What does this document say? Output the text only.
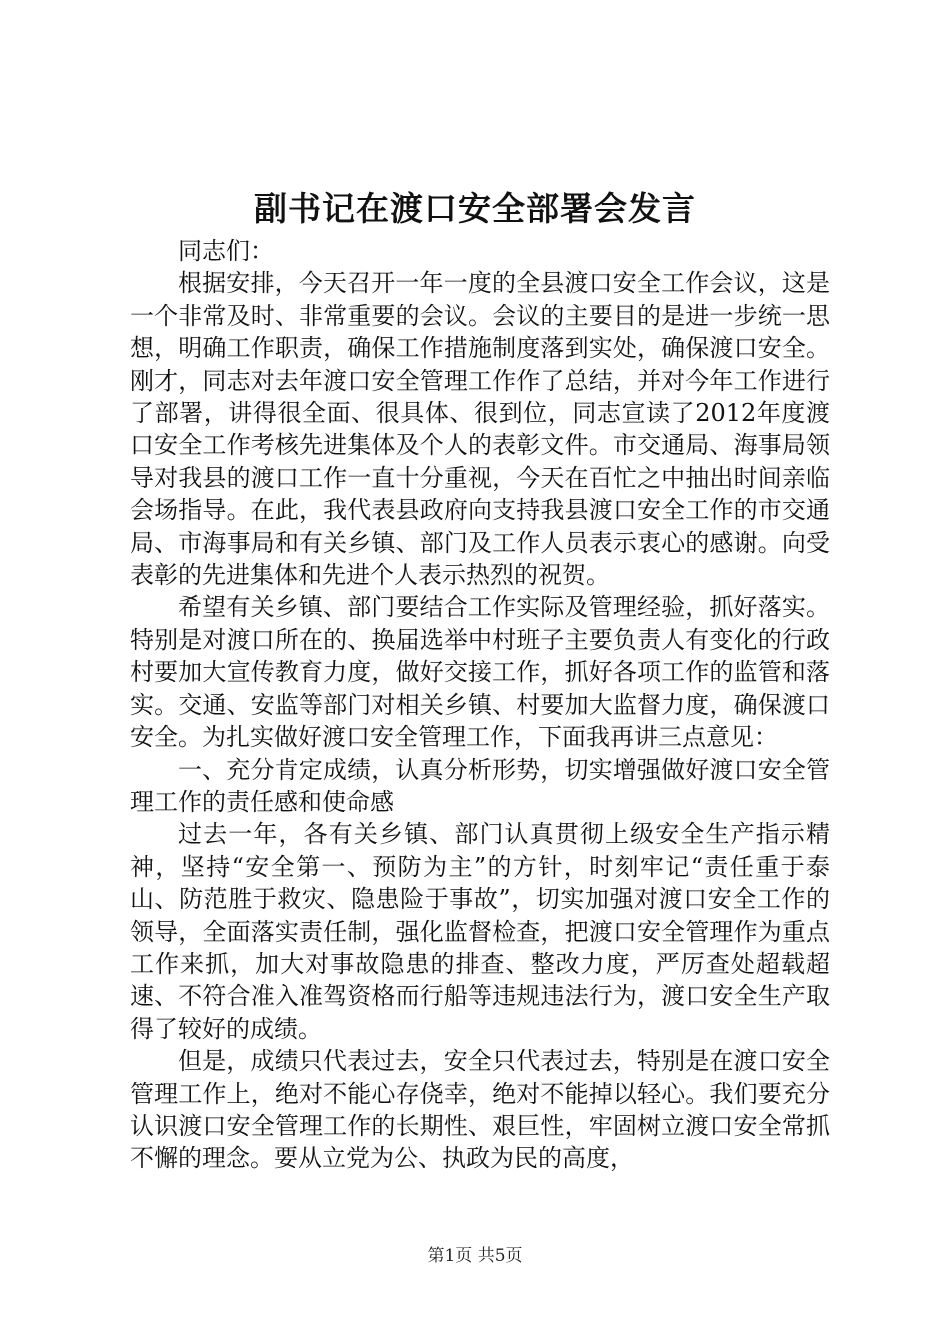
副书记在渡口安全部署会发言

同志们：

根据安排，今天召开一年一度的全县渡口安全工作会议，这是一个非常及时、非常重要的会议。会议的主要目的是进一步统一思想，明确工作职责，确保工作措施制度落到实处，确保渡口安全。刚才，同志对去年渡口安全管理工作作了总结，并对今年工作进行了部署，讲得很全面、很具体、很到位，同志宣读了2012年度渡口安全工作考核先进集体及个人的表彰文件。市交通局、海事局领导对我县的渡口工作一直十分重视，今天在百忙之中抽出时间亲临会场指导。在此，我代表县政府向支持我县渡口安全工作的市交通局、市海事局和有关乡镇、部门及工作人员表示衷心的感谢。向受表彰的先进集体和先进个人表示热烈的祝贺。

希望有关乡镇、部门要结合工作实际及管理经验，抓好落实。特别是对渡口所在的、换届选举中村班子主要负责人有变化的行政村要加大宣传教育力度，做好交接工作，抓好各项工作的监管和落实。交通、安监等部门对相关乡镇、村要加大监督力度，确保渡口安全。为扎实做好渡口安全管理工作，下面我再讲三点意见：

一、充分肯定成绩，认真分析形势，切实增强做好渡口安全管理工作的责任感和使命感

过去一年，各有关乡镇、部门认真贯彻上级安全生产指示精神，坚持“安全第一、预防为主”的方针，时刻牢记“责任重于泰山、防范胜于救灾、隐患险于事故”，切实加强对渡口安全工作的领导，全面落实责任制，强化监督检查，把渡口安全管理作为重点工作来抓，加大对事故隐患的排查、整改力度，严厉查处超载超速、不符合准入准驾资格而行船等违规违法行为，渡口安全生产取得了较好的成绩。

但是，成绩只代表过去，安全只代表过去，特别是在渡口安全管理工作上，绝对不能心存侥幸，绝对不能掉以轻心。我们要充分认识渡口安全管理工作的长期性、艰巨性，牢固树立渡口安全常抓不懈的理念。要从立党为公、执政为民的高度，

第1页 共5页
